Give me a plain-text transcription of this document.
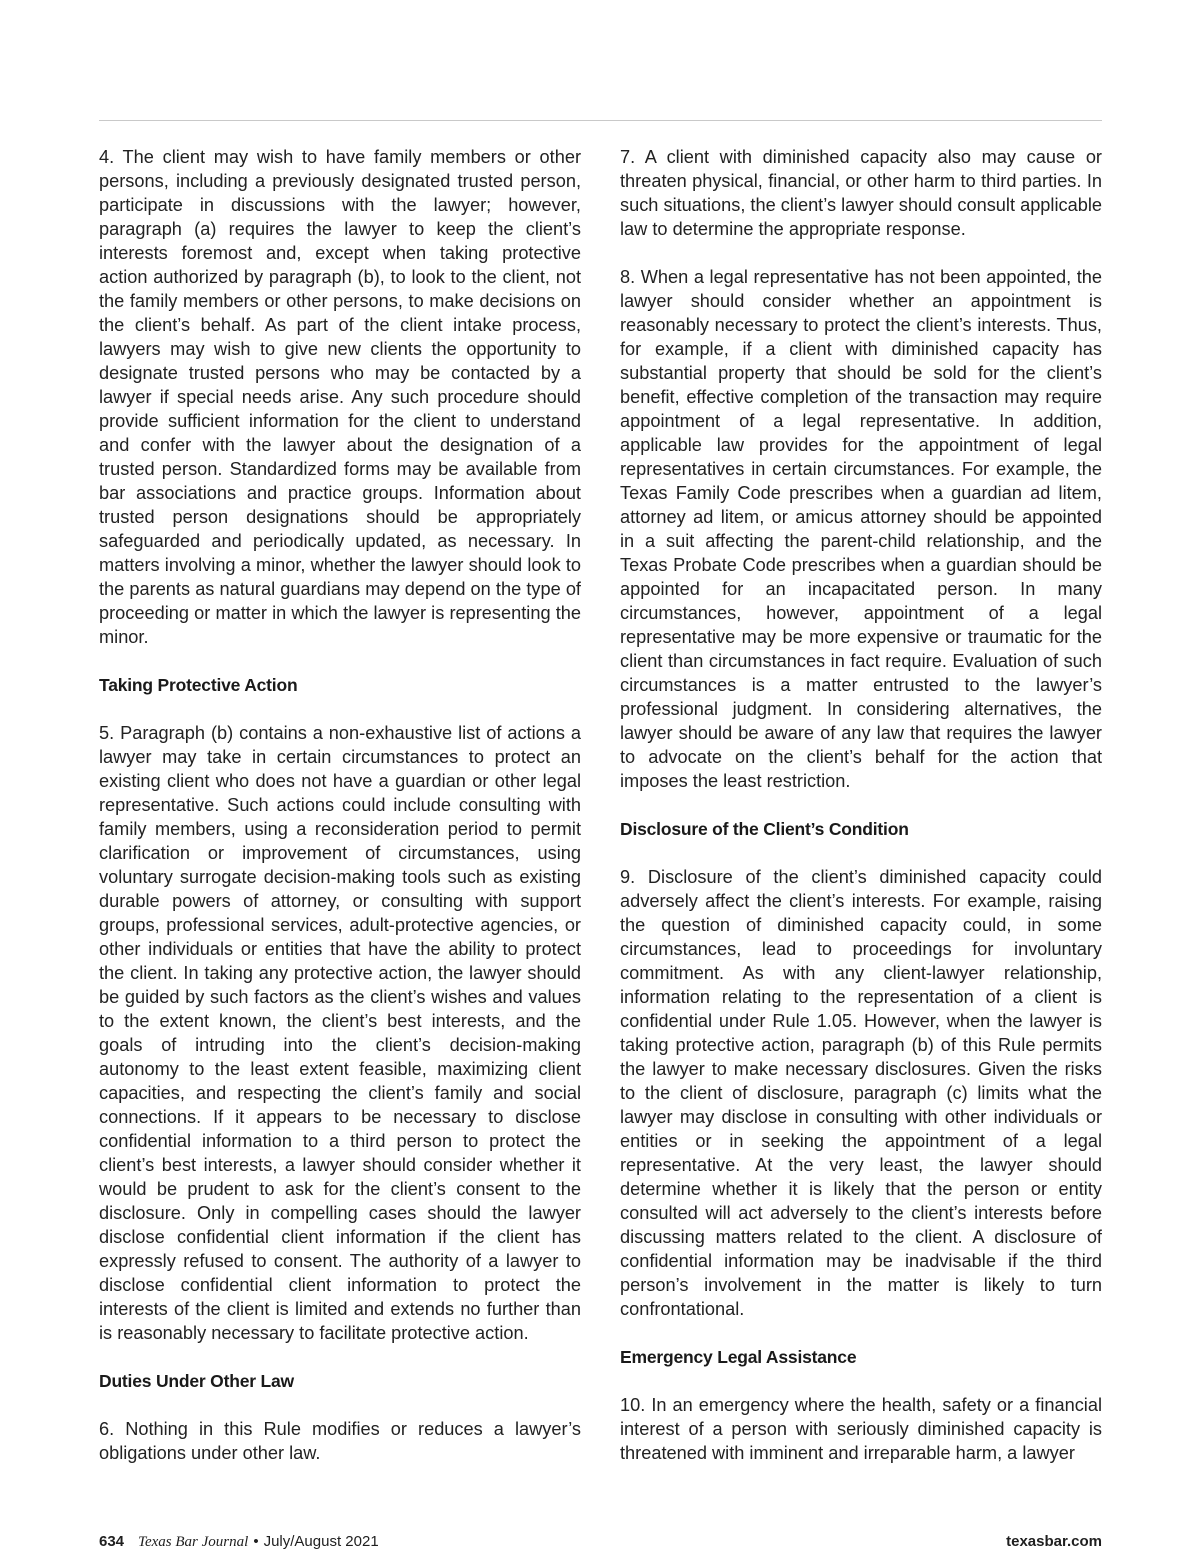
4. The client may wish to have family members or other persons, including a previously designated trusted person, participate in discussions with the lawyer; however, paragraph (a) requires the lawyer to keep the client’s interests foremost and, except when taking protective action authorized by paragraph (b), to look to the client, not the family members or other persons, to make decisions on the client’s behalf. As part of the client intake process, lawyers may wish to give new clients the opportunity to designate trusted persons who may be contacted by a lawyer if special needs arise. Any such procedure should provide sufficient information for the client to understand and confer with the lawyer about the designation of a trusted person. Standardized forms may be available from bar associations and practice groups. Information about trusted person designations should be appropriately safeguarded and periodically updated, as necessary. In matters involving a minor, whether the lawyer should look to the parents as natural guardians may depend on the type of proceeding or matter in which the lawyer is representing the minor.

Taking Protective Action

5. Paragraph (b) contains a non-exhaustive list of actions a lawyer may take in certain circumstances to protect an existing client who does not have a guardian or other legal representative. Such actions could include consulting with family members, using a reconsideration period to permit clarification or improvement of circumstances, using voluntary surrogate decision-making tools such as existing durable powers of attorney, or consulting with support groups, professional services, adult-protective agencies, or other individuals or entities that have the ability to protect the client. In taking any protective action, the lawyer should be guided by such factors as the client’s wishes and values to the extent known, the client’s best interests, and the goals of intruding into the client’s decision-making autonomy to the least extent feasible, maximizing client capacities, and respecting the client’s family and social connections. If it appears to be necessary to disclose confidential information to a third person to protect the client’s best interests, a lawyer should consider whether it would be prudent to ask for the client’s consent to the disclosure. Only in compelling cases should the lawyer disclose confidential client information if the client has expressly refused to consent. The authority of a lawyer to disclose confidential client information to protect the interests of the client is limited and extends no further than is reasonably necessary to facilitate protective action.

Duties Under Other Law

6. Nothing in this Rule modifies or reduces a lawyer’s obligations under other law.

7. A client with diminished capacity also may cause or threaten physical, financial, or other harm to third parties. In such situations, the client’s lawyer should consult applicable law to determine the appropriate response.

8. When a legal representative has not been appointed, the lawyer should consider whether an appointment is reasonably necessary to protect the client’s interests. Thus, for example, if a client with diminished capacity has substantial property that should be sold for the client’s benefit, effective completion of the transaction may require appointment of a legal representative. In addition, applicable law provides for the appointment of legal representatives in certain circumstances. For example, the Texas Family Code prescribes when a guardian ad litem, attorney ad litem, or amicus attorney should be appointed in a suit affecting the parent-child relationship, and the Texas Probate Code prescribes when a guardian should be appointed for an incapacitated person. In many circumstances, however, appointment of a legal representative may be more expensive or traumatic for the client than circumstances in fact require. Evaluation of such circumstances is a matter entrusted to the lawyer’s professional judgment. In considering alternatives, the lawyer should be aware of any law that requires the lawyer to advocate on the client’s behalf for the action that imposes the least restriction.

Disclosure of the Client’s Condition

9. Disclosure of the client’s diminished capacity could adversely affect the client’s interests. For example, raising the question of diminished capacity could, in some circumstances, lead to proceedings for involuntary commitment. As with any client-lawyer relationship, information relating to the representation of a client is confidential under Rule 1.05. However, when the lawyer is taking protective action, paragraph (b) of this Rule permits the lawyer to make necessary disclosures. Given the risks to the client of disclosure, paragraph (c) limits what the lawyer may disclose in consulting with other individuals or entities or in seeking the appointment of a legal representative. At the very least, the lawyer should determine whether it is likely that the person or entity consulted will act adversely to the client’s interests before discussing matters related to the client. A disclosure of confidential information may be inadvisable if the third person’s involvement in the matter is likely to turn confrontational.

Emergency Legal Assistance

10. In an emergency where the health, safety or a financial interest of a person with seriously diminished capacity is threatened with imminent and irreparable harm, a lawyer

634 Texas Bar Journal • July/August 2021	texasbar.com
